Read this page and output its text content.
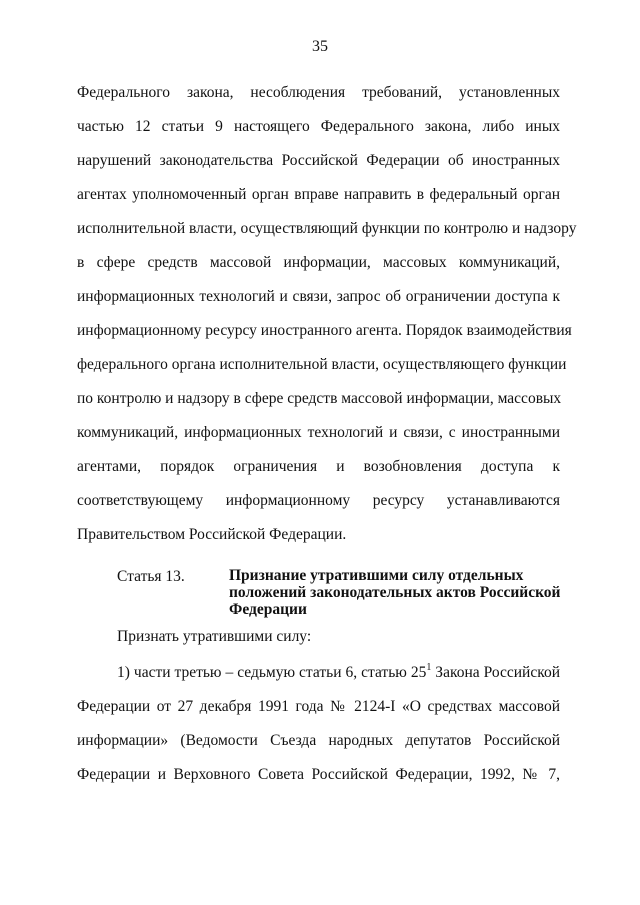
35
Федерального закона, несоблюдения требований, установленных
частью 12 статьи 9 настоящего Федерального закона, либо иных
нарушений законодательства Российской Федерации об иностранных
агентах уполномоченный орган вправе направить в федеральный орган
исполнительной власти, осуществляющий функции по контролю и надзору
в сфере средств массовой информации, массовых коммуникаций,
информационных технологий и связи, запрос об ограничении доступа к
информационному ресурсу иностранного агента. Порядок взаимодействия
федерального органа исполнительной власти, осуществляющего функции
по контролю и надзору в сфере средств массовой информации, массовых
коммуникаций, информационных технологий и связи, с иностранными
агентами, порядок ограничения и возобновления доступа к
соответствующему информационному ресурсу устанавливаются
Правительством Российской Федерации.
Статья 13.	Признание утратившими силу отдельных
положений законодательных актов Российской
Федерации
Признать утратившими силу:
1) части третью – седьмую статьи 6, статью $25^1$ Закона Российской
Федерации от 27 декабря 1991 года № 2124-I «О средствах массовой
информации» (Ведомости Съезда народных депутатов Российской
Федерации и Верховного Совета Российской Федерации, 1992, № 7,
